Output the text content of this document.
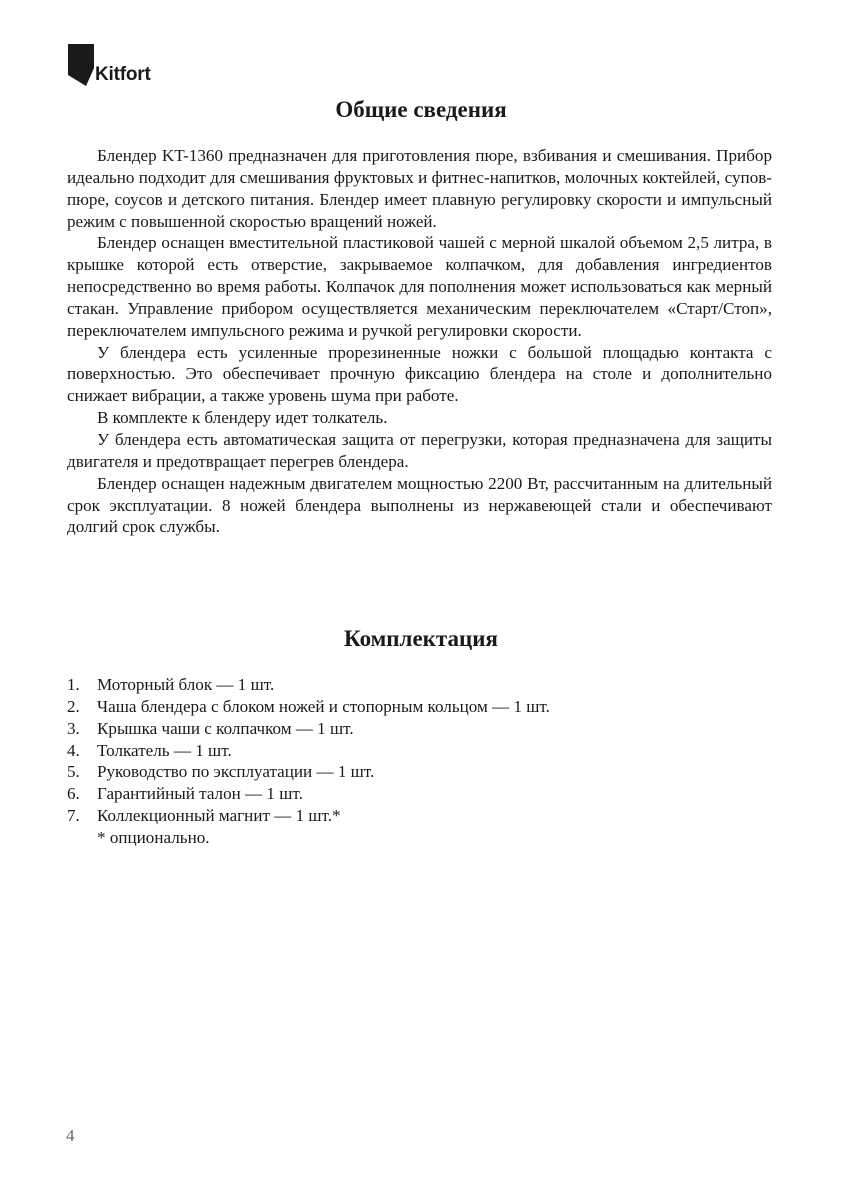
Kitfort
Общие сведения

Блендер KT-1360 предназначен для приготовления пюре, взбивания и смешивания. Прибор идеально подходит для смешивания фруктовых и фитнес-напитков, молочных коктейлей, супов-пюре, соусов и детского питания. Блендер имеет плавную регулировку скорости и импульсный режим с повышенной скоростью вращений ножей.

Блендер оснащен вместительной пластиковой чашей с мерной шкалой объемом 2,5 литра, в крышке которой есть отверстие, закрываемое колпачком, для добавления ингредиентов непосредственно во время работы. Колпачок для пополнения может использоваться как мерный стакан. Управление прибором осуществляется механическим переключателем «Старт/Стоп», переключателем импульсного режима и ручкой регулировки скорости.

У блендера есть усиленные прорезиненные ножки с большой площадью контакта с поверхностью. Это обеспечивает прочную фиксацию блендера на столе и дополнительно снижает вибрации, а также уровень шума при работе.

В комплекте к блендеру идет толкатель.

У блендера есть автоматическая защита от перегрузки, которая предназначена для защиты двигателя и предотвращает перегрев блендера.

Блендер оснащен надежным двигателем мощностью 2200 Вт, рассчитанным на длительный срок эксплуатации. 8 ножей блендера выполнены из нержавеющей стали и обеспечивают долгий срок службы.

Комплектация
1. Моторный блок — 1 шт.
2. Чаша блендера с блоком ножей и стопорным кольцом — 1 шт.
3. Крышка чаши с колпачком — 1 шт.
4. Толкатель — 1 шт.
5. Руководство по эксплуатации — 1 шт.
6. Гарантийный талон — 1 шт.
7. Коллекционный магнит — 1 шт.*
* опционально.
4
